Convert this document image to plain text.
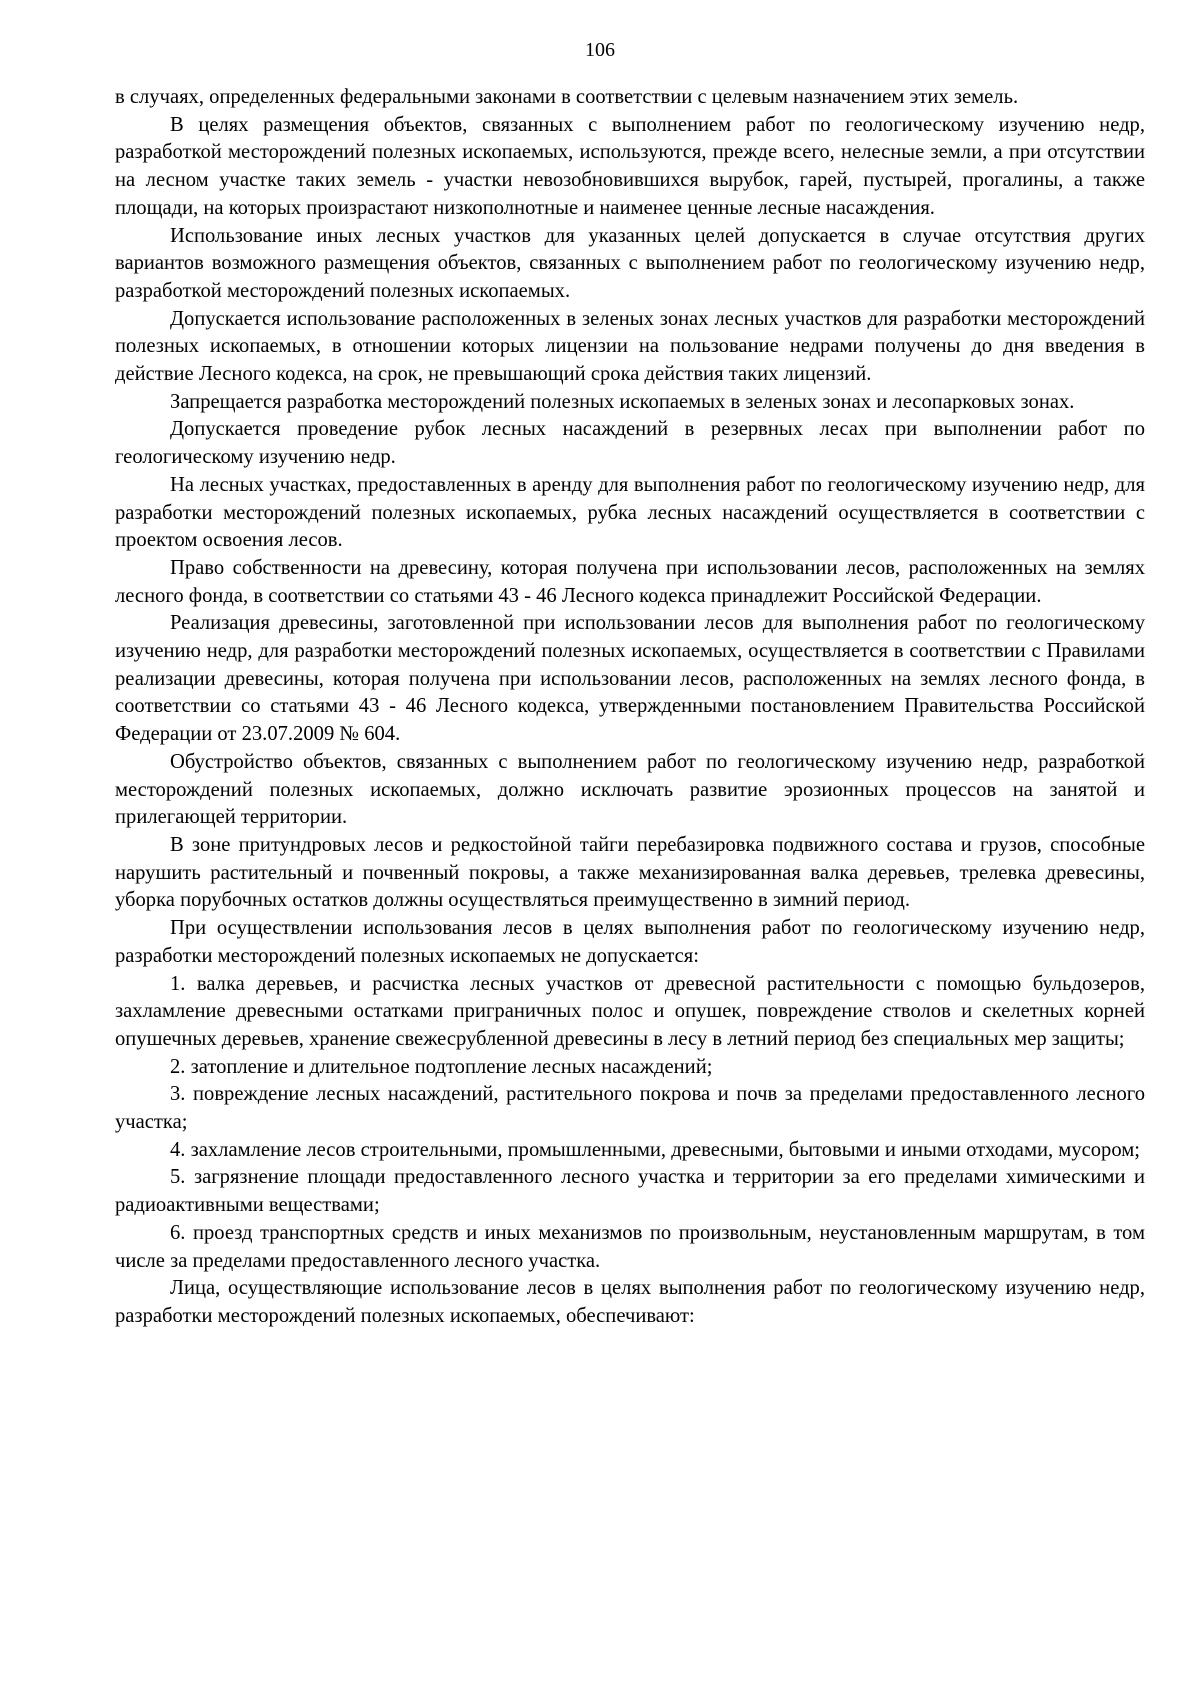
106

в случаях, определенных федеральными законами в соответствии с целевым назначением этих земель.

В целях размещения объектов, связанных с выполнением работ по геологическому изучению недр, разработкой месторождений полезных ископаемых, используются, прежде всего, нелесные земли, а при отсутствии на лесном участке таких земель - участки невозобновившихся вырубок, гарей, пустырей, прогалины, а также площади, на которых произрастают низкополнотные и наименее ценные лесные насаждения.

Использование иных лесных участков для указанных целей допускается в случае отсутствия других вариантов возможного размещения объектов, связанных с выполнением работ по геологическому изучению недр, разработкой месторождений полезных ископаемых.

Допускается использование расположенных в зеленых зонах лесных участков для разработки месторождений полезных ископаемых, в отношении которых лицензии на пользование недрами получены до дня введения в действие Лесного кодекса, на срок, не превышающий срока действия таких лицензий.

Запрещается разработка месторождений полезных ископаемых в зеленых зонах и лесопарковых зонах.

Допускается проведение рубок лесных насаждений в резервных лесах при выполнении работ по геологическому изучению недр.

На лесных участках, предоставленных в аренду для выполнения работ по геологическому изучению недр, для разработки месторождений полезных ископаемых, рубка лесных насаждений осуществляется в соответствии с проектом освоения лесов.

Право собственности на древесину, которая получена при использовании лесов, расположенных на землях лесного фонда, в соответствии со статьями 43 - 46 Лесного кодекса принадлежит Российской Федерации.

Реализация древесины, заготовленной при использовании лесов для выполнения работ по геологическому изучению недр, для разработки месторождений полезных ископаемых, осуществляется в соответствии с Правилами реализации древесины, которая получена при использовании лесов, расположенных на землях лесного фонда, в соответствии со статьями 43 - 46 Лесного кодекса, утвержденными постановлением Правительства Российской Федерации от 23.07.2009 № 604.

Обустройство объектов, связанных с выполнением работ по геологическому изучению недр, разработкой месторождений полезных ископаемых, должно исключать развитие эрозионных процессов на занятой и прилегающей территории.

В зоне притундровых лесов и редкостойной тайги перебазировка подвижного состава и грузов, способные нарушить растительный и почвенный покровы, а также механизированная валка деревьев, трелевка древесины, уборка порубочных остатков должны осуществляться преимущественно в зимний период.

При осуществлении использования лесов в целях выполнения работ по геологическому изучению недр, разработки месторождений полезных ископаемых не допускается:

1. валка деревьев, и расчистка лесных участков от древесной растительности с помощью бульдозеров, захламление древесными остатками приграничных полос и опушек, повреждение стволов и скелетных корней опушечных деревьев, хранение свежесрубленной древесины в лесу в летний период без специальных мер защиты;

2. затопление и длительное подтопление лесных насаждений;

3. повреждение лесных насаждений, растительного покрова и почв за пределами предоставленного лесного участка;

4. захламление лесов строительными, промышленными, древесными, бытовыми и иными отходами, мусором;

5. загрязнение площади предоставленного лесного участка и территории за его пределами химическими и радиоактивными веществами;

6. проезд транспортных средств и иных механизмов по произвольным, неустановленным маршрутам, в том числе за пределами предоставленного лесного участка.

Лица, осуществляющие использование лесов в целях выполнения работ по геологическому изучению недр, разработки месторождений полезных ископаемых, обеспечивают:
